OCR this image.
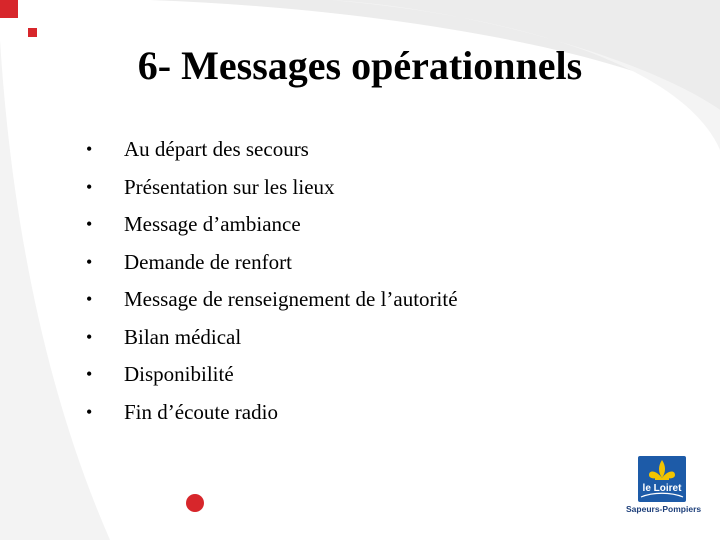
6- Messages opérationnels
•	Au départ des secours
•	Présentation sur les lieux
•	Message d’ambiance
•	Demande de renfort
•	Message de renseignement de l’autorité
•	Bilan médical
•	Disponibilité
•	Fin d’écoute radio
le Loiret
Sapeurs-Pompiers
